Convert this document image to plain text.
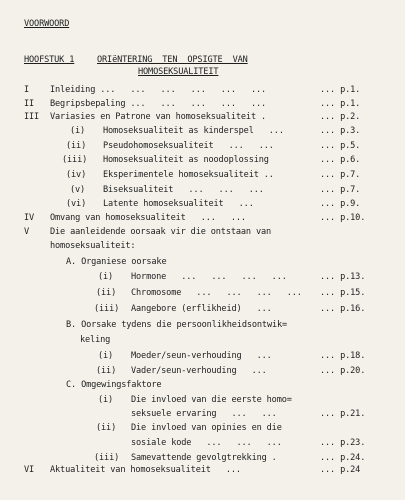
VOORWOORD
HOOFSTUK 1	ORIëNTERING TEN OPSIGTE VAN
HOMOSEKSUALITEIT
I Inleiding ...   ...   ...   ...   ...   ...	... p.1.
II Begripsbepaling ...   ...   ...   ...   ...	... p.1.
III Variasies en Patrone van homoseksualiteit .	... p.2.
(i) Homoseksualiteit as kinderspel   ...	... p.3.
(ii) Pseudohomoseksualiteit   ...   ...	... p.5.
(iii) Homoseksualiteit as noodoplossing	... p.6.
(iv) Eksperimentele homoseksualiteit ..	... p.7.
(v) Biseksualiteit   ...   ...   ...	... p.7.
(vi) Latente homoseksualiteit   ...	... p.9.
IV Omvang van homoseksualiteit   ...   ...	... p.10.
V Die aanleidende oorsaak vir die ontstaan van
homoseksualiteit:
A. Organiese oorsake
(i) Hormone   ...   ...   ...   ...	... p.13.
(ii) Chromosome   ...   ...   ...   ... ... p.15.
(iii) Aangebore (erflikheid)   ...	... p.16.
B. Oorsake tydens die persoonlikheidsontwik=
keling
(i) Moeder/seun-verhouding   ...	... p.18.
(ii) Vader/seun-verhouding   ...	... p.20.
C. Omgewingsfaktore
(i) Die invloed van die eerste homo=
seksuele ervaring   ...   ...	... p.21.
(ii) Die invloed van opinies en die
sosiale kode   ...   ...   ...	... p.23.
(iii) Samevattende gevolgtrekking .	... p.24.
VI Aktualiteit van homoseksualiteit   ...	... p.24
